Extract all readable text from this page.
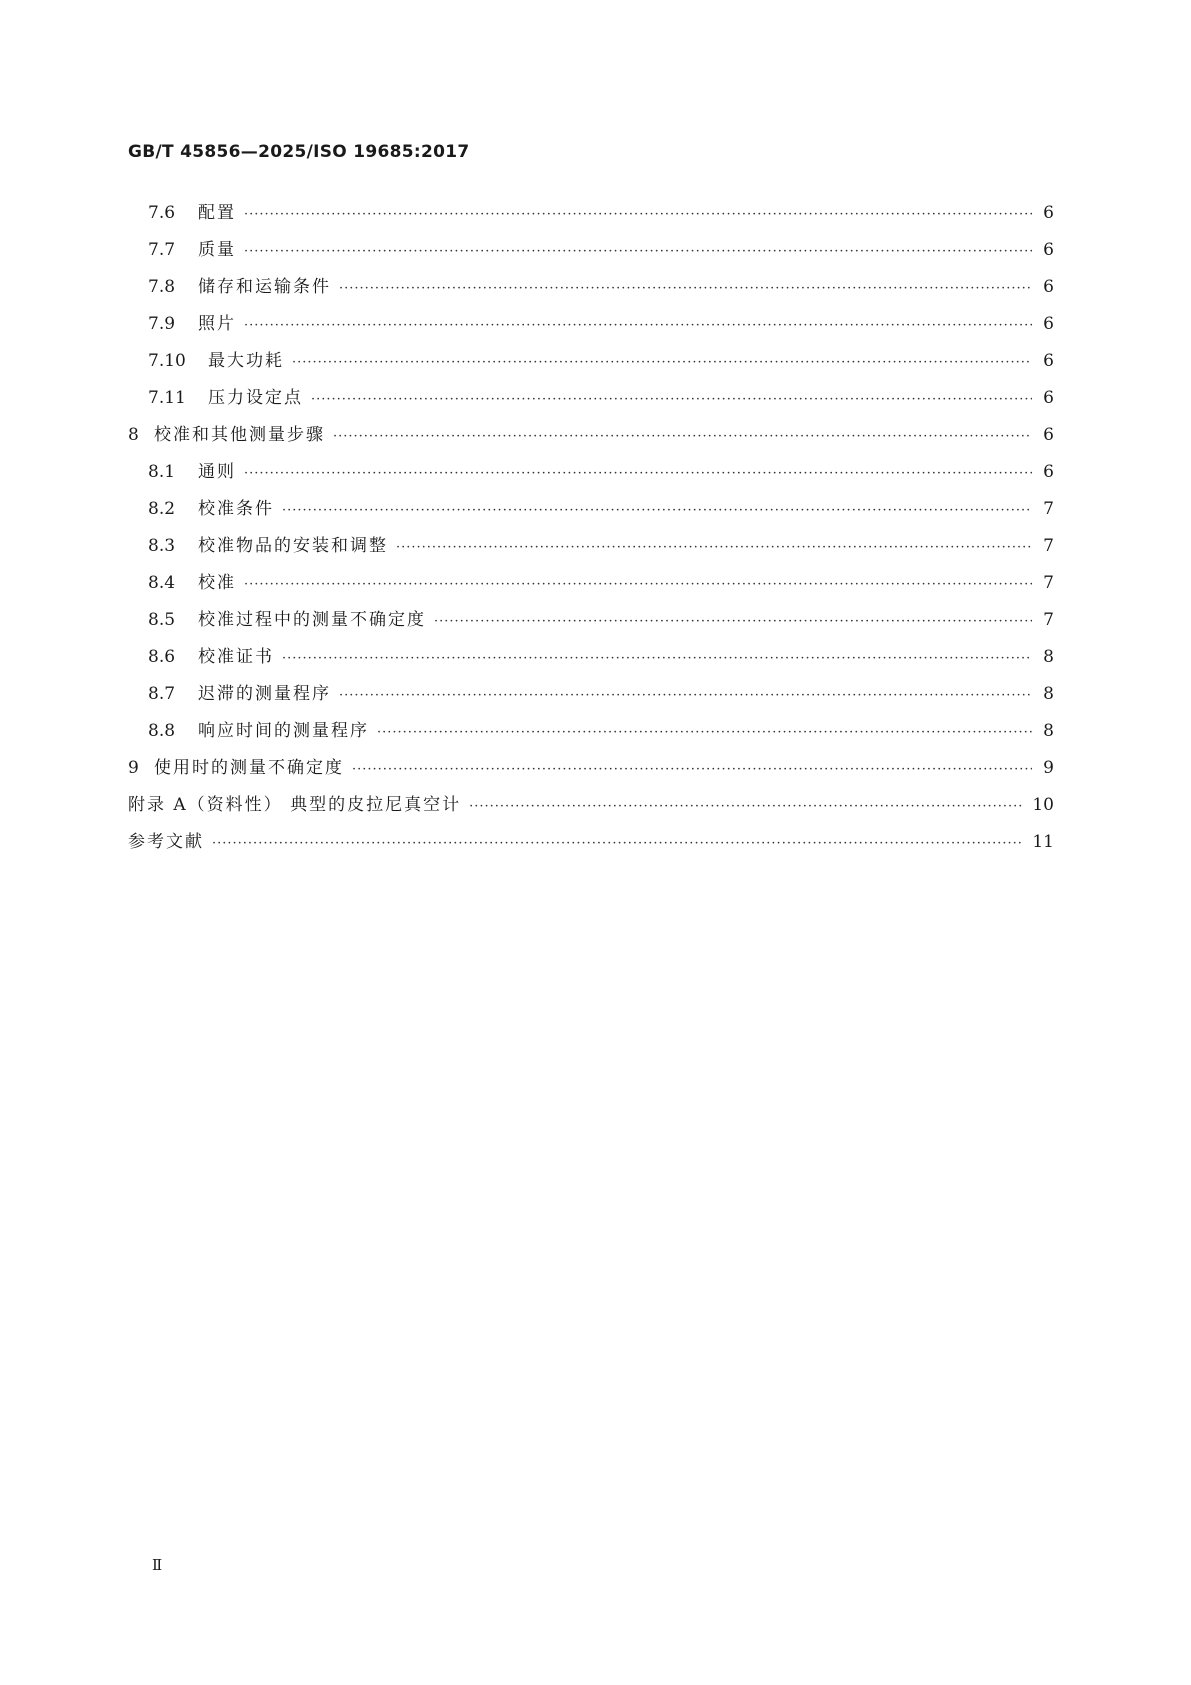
GB/T 45856—2025/ISO 19685:2017
7.6	配置 ·····	6
7.7	质量 ·····	6
7.8	储存和运输条件 ·····	6
7.9	照片 ·····	6
7.10	最大功耗 ·····	6
7.11	压力设定点 ·····	6
8 校准和其他测量步骤 ·····	6
8.1	通则 ·····	6
8.2	校准条件 ·····	7
8.3	校准物品的安装和调整 ·····	7
8.4	校准 ·····	7
8.5	校准过程中的测量不确定度 ·····	7
8.6	校准证书 ·····	8
8.7	迟滞的测量程序 ·····	8
8.8	响应时间的测量程序 ·····	8
9 使用时的测量不确定度 ·····	9
附录 A（资料性） 典型的皮拉尼真空计 ·····	10
参考文献 ·····	11
Ⅱ
